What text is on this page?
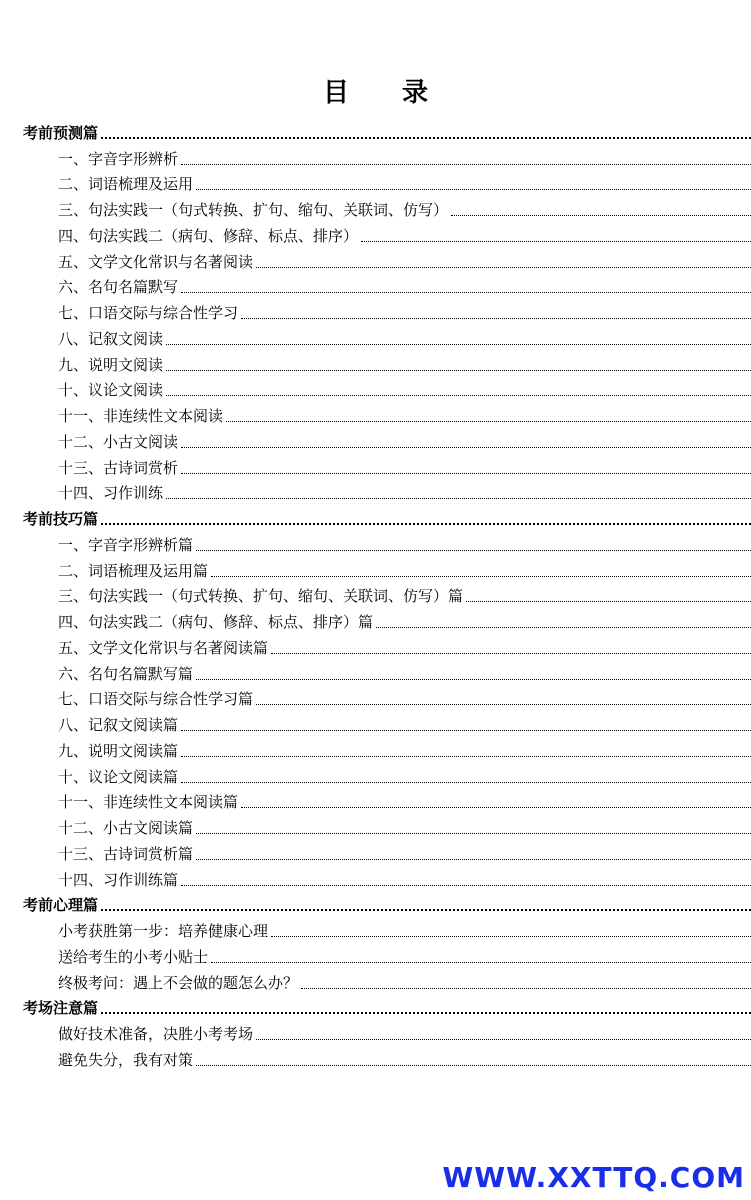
目 录
考前预测篇
一、字音字形辨析
二、词语梳理及运用
三、句法实践一（句式转换、扩句、缩句、关联词、仿写）
四、句法实践二（病句、修辞、标点、排序）
五、文学文化常识与名著阅读
六、名句名篇默写
七、口语交际与综合性学习
八、记叙文阅读
九、说明文阅读
十、议论文阅读
十一、非连续性文本阅读
十二、小古文阅读
十三、古诗词赏析
十四、习作训练
考前技巧篇
一、字音字形辨析篇
二、词语梳理及运用篇
三、句法实践一（句式转换、扩句、缩句、关联词、仿写）篇
四、句法实践二（病句、修辞、标点、排序）篇
五、文学文化常识与名著阅读篇
六、名句名篇默写篇
七、口语交际与综合性学习篇
八、记叙文阅读篇
九、说明文阅读篇
十、议论文阅读篇
十一、非连续性文本阅读篇
十二、小古文阅读篇
十三、古诗词赏析篇
十四、习作训练篇
考前心理篇
小考获胜第一步：培养健康心理
送给考生的小考小贴士
终极考问：遇上不会做的题怎么办？
考场注意篇
做好技术准备，决胜小考考场
避免失分，我有对策
WWW.XXTTQ.COM
